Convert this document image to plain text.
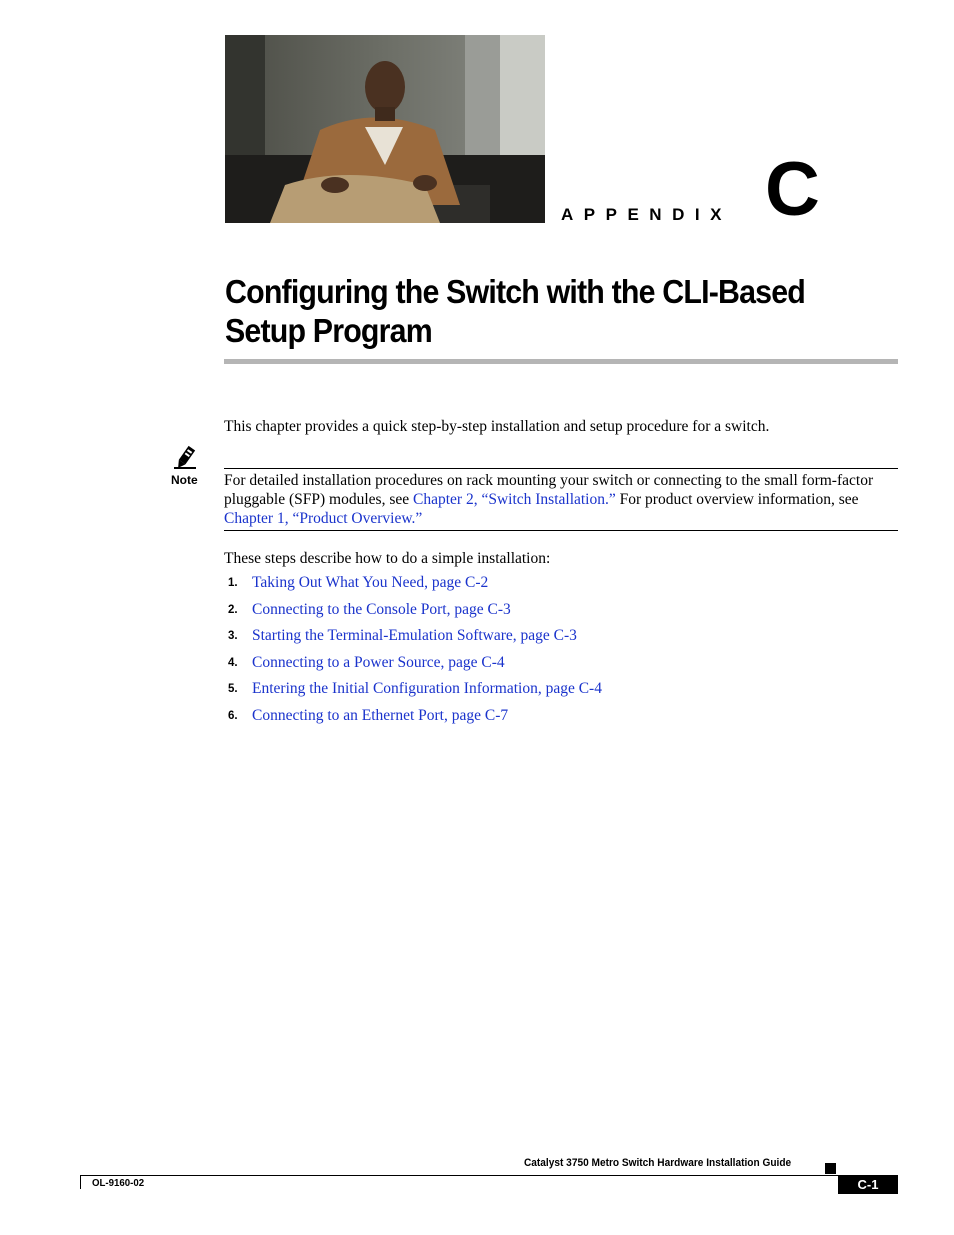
APPENDIX C
Configuring the Switch with the CLI-Based
Setup Program
This chapter provides a quick step-by-step installation and setup procedure for a switch.
Note For detailed installation procedures on rack mounting your switch or connecting to the small form-factor pluggable (SFP) modules, see Chapter 2, “Switch Installation.” For product overview information, see Chapter 1, “Product Overview.”
These steps describe how to do a simple installation:
1. Taking Out What You Need, page C-2
2. Connecting to the Console Port, page C-3
3. Starting the Terminal-Emulation Software, page C-3
4. Connecting to a Power Source, page C-4
5. Entering the Initial Configuration Information, page C-4
6. Connecting to an Ethernet Port, page C-7
Catalyst 3750 Metro Switch Hardware Installation Guide
OL-9160-02	C-1
